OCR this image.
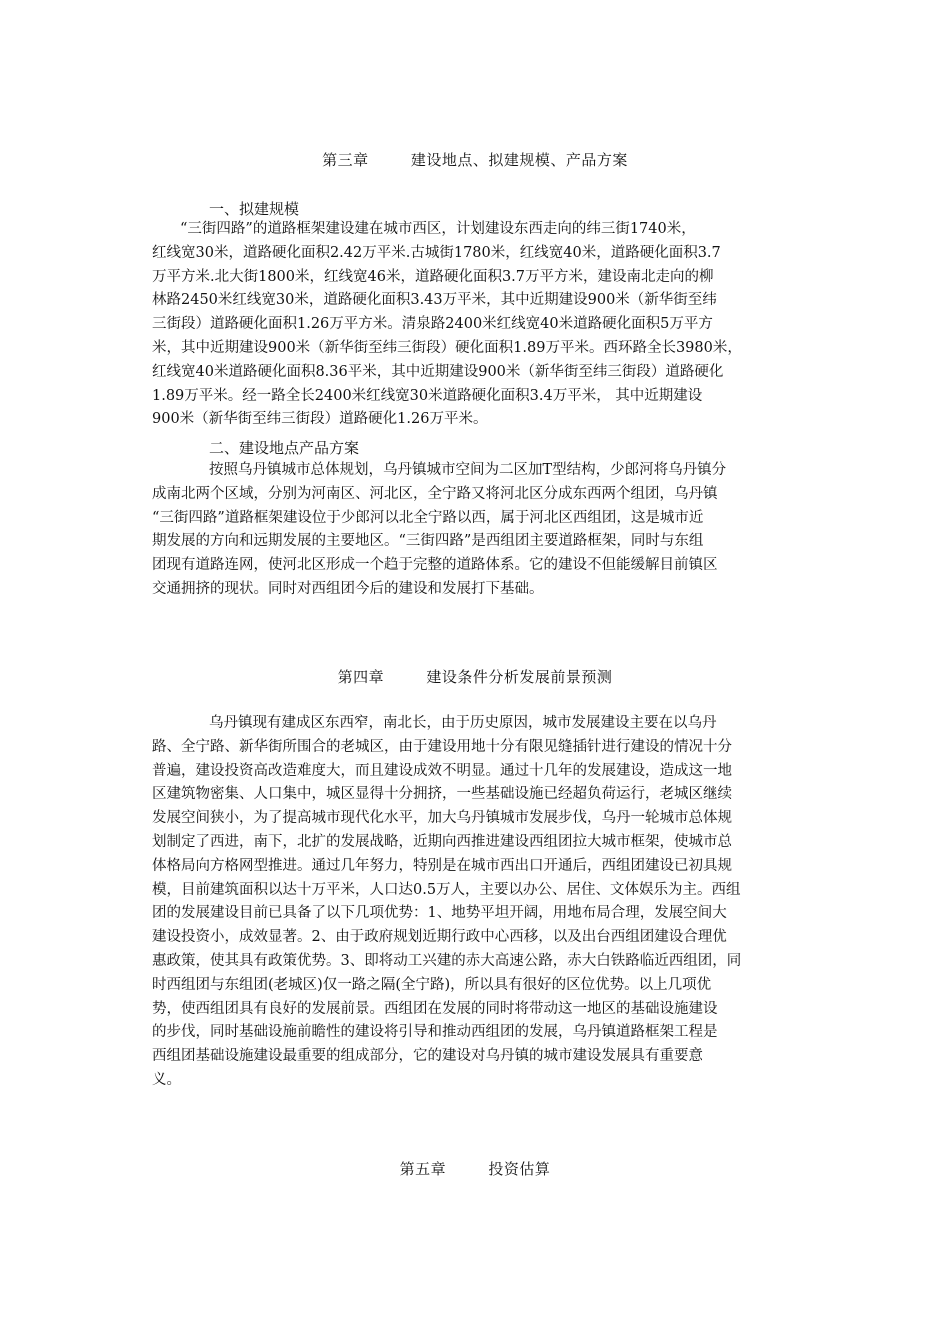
第三章        建设地点、拟建规模、产品方案
一、拟建规模
“三街四路”的道路框架建设建在城市西区，计划建设东西走向的纬三街1740米，
红线宽30米，道路硬化面积2.42万平米.古城街1780米，红线宽40米，道路硬化面积3.7
万平方米.北大街1800米，红线宽46米，道路硬化面积3.7万平方米，建设南北走向的柳
林路2450米红线宽30米，道路硬化面积3.43万平米，其中近期建设900米（新华街至纬
三街段）道路硬化面积1.26万平方米。清泉路2400米红线宽40米道路硬化面积5万平方
米，其中近期建设900米（新华街至纬三街段）硬化面积1.89万平米。西环路全长3980米，
红线宽40米道路硬化面积8.36平米，其中近期建设900米（新华街至纬三街段）道路硬化
1.89万平米。经一路全长2400米红线宽30米道路硬化面积3.4万平米， 其中近期建设
900米（新华街至纬三街段）道路硬化1.26万平米。
二、建设地点产品方案
按照乌丹镇城市总体规划，乌丹镇城市空间为二区加T型结构，少郎河将乌丹镇分
成南北两个区域，分别为河南区、河北区，全宁路又将河北区分成东西两个组团，乌丹镇
“三街四路”道路框架建设位于少郎河以北全宁路以西，属于河北区西组团，这是城市近
期发展的方向和远期发展的主要地区。“三街四路”是西组团主要道路框架，同时与东组
团现有道路连网，使河北区形成一个趋于完整的道路体系。它的建设不但能缓解目前镇区
交通拥挤的现状。同时对西组团今后的建设和发展打下基础。
第四章        建设条件分析发展前景预测
乌丹镇现有建成区东西窄，南北长，由于历史原因，城市发展建设主要在以乌丹
路、全宁路、新华街所围合的老城区，由于建设用地十分有限见缝插针进行建设的情况十分
普遍，建设投资高改造难度大，而且建设成效不明显。通过十几年的发展建设，造成这一地
区建筑物密集、人口集中，城区显得十分拥挤，一些基础设施已经超负荷运行，老城区继续
发展空间狭小，为了提高城市现代化水平，加大乌丹镇城市发展步伐，乌丹一轮城市总体规
划制定了西进，南下，北扩的发展战略，近期向西推进建设西组团拉大城市框架，使城市总
体格局向方格网型推进。通过几年努力，特别是在城市西出口开通后，西组团建设已初具规
模，目前建筑面积以达十万平米，人口达0.5万人，主要以办公、居住、文体娱乐为主。西组
团的发展建设目前已具备了以下几项优势：1、地势平坦开阔，用地布局合理，发展空间大
建设投资小，成效显著。2、由于政府规划近期行政中心西移，以及出台西组团建设合理优
惠政策，使其具有政策优势。3、即将动工兴建的赤大高速公路，赤大白铁路临近西组团，同
时西组团与东组团(老城区)仅一路之隔(全宁路)，所以具有很好的区位优势。以上几项优
势，使西组团具有良好的发展前景。西组团在发展的同时将带动这一地区的基础设施建设
的步伐，同时基础设施前瞻性的建设将引导和推动西组团的发展，乌丹镇道路框架工程是
西组团基础设施建设最重要的组成部分，它的建设对乌丹镇的城市建设发展具有重要意
义。
第五章        投资估算
